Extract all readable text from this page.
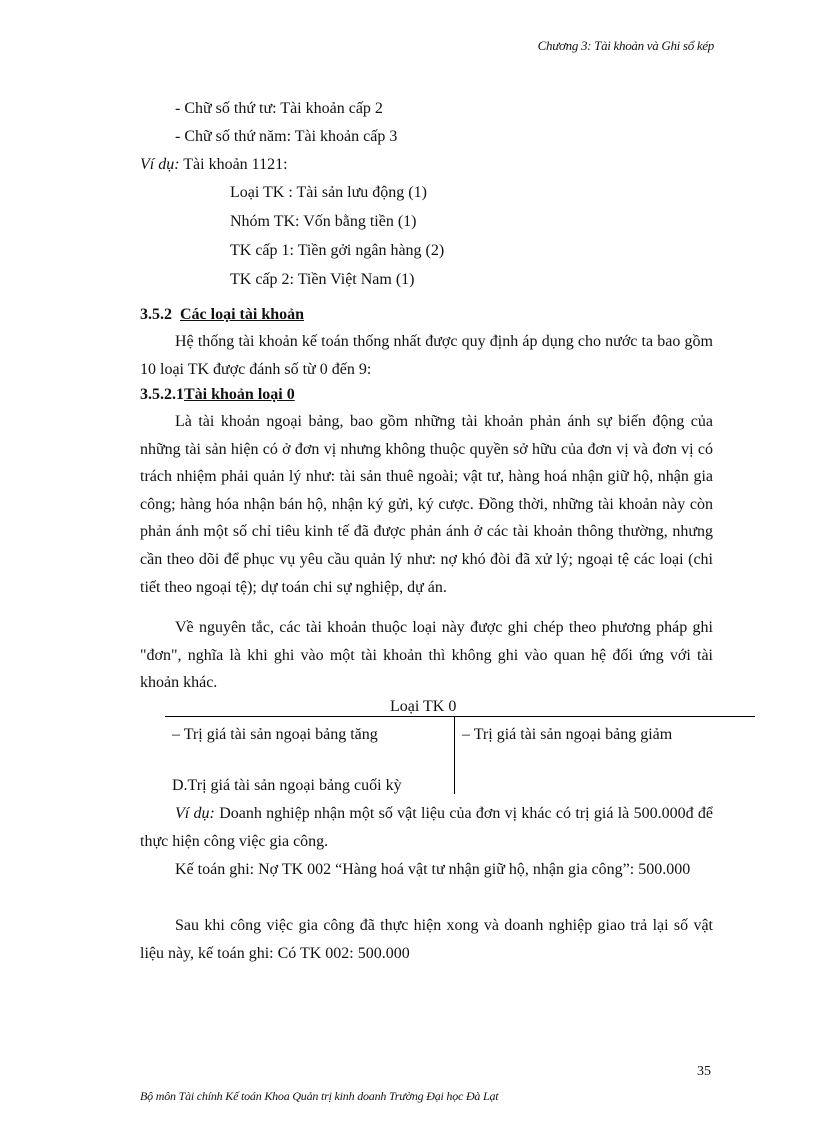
Chương 3: Tài khoản và Ghi sổ kép
- Chữ số thứ tư: Tài khoản cấp 2
- Chữ số thứ năm: Tài khoản cấp 3
Ví dụ: Tài khoản 1121:
Loại TK : Tài sản lưu động (1)
Nhóm TK: Vốn bằng tiền (1)
TK cấp 1: Tiền gởi ngân hàng (2)
TK cấp 2: Tiền Việt Nam (1)
3.5.2 Các loại tài khoản
Hệ thống tài khoản kế toán thống nhất được quy định áp dụng cho nước ta bao gồm 10 loại TK được đánh số từ 0 đến 9:
3.5.2.1Tài khoản loại 0
Là tài khoản ngoại bảng, bao gồm những tài khoản phản ánh sự biến động của những tài sản hiện có ở đơn vị nhưng không thuộc quyền sở hữu của đơn vị và đơn vị có trách nhiệm phải quản lý như: tài sản thuê ngoài; vật tư, hàng hoá nhận giữ hộ, nhận gia công; hàng hóa nhận bán hộ, nhận ký gửi, ký cược. Đồng thời, những tài khoản này còn phản ánh một số chỉ tiêu kinh tế đã được phản ánh ở các tài khoản thông thường, nhưng cần theo dõi để phục vụ yêu cầu quản lý như: nợ khó đòi đã xử lý; ngoại tệ các loại (chi tiết theo ngoại tệ); dự toán chi sự nghiệp, dự án.
Về nguyên tắc, các tài khoản thuộc loại này được ghi chép theo phương pháp ghi "đơn", nghĩa là khi ghi vào một tài khoản thì không ghi vào quan hệ đối ứng với tài khoản khác.
Loại TK 0
– Trị giá tài sản ngoại bảng tăng	– Trị giá tài sản ngoại bảng giảm
D.Trị giá tài sản ngoại bảng cuối kỳ
Ví dụ: Doanh nghiệp nhận một số vật liệu của đơn vị khác có trị giá là 500.000đ để thực hiện công việc gia công.
Kế toán ghi: Nợ TK 002 “Hàng hoá vật tư nhận giữ hộ, nhận gia công”: 500.000
Sau khi công việc gia công đã thực hiện xong và doanh nghiệp giao trả lại số vật liệu này, kế toán ghi: Có TK 002: 500.000
35
Bộ môn Tài chính Kế toán Khoa Quản trị kinh doanh Trường Đại học Đà Lạt
